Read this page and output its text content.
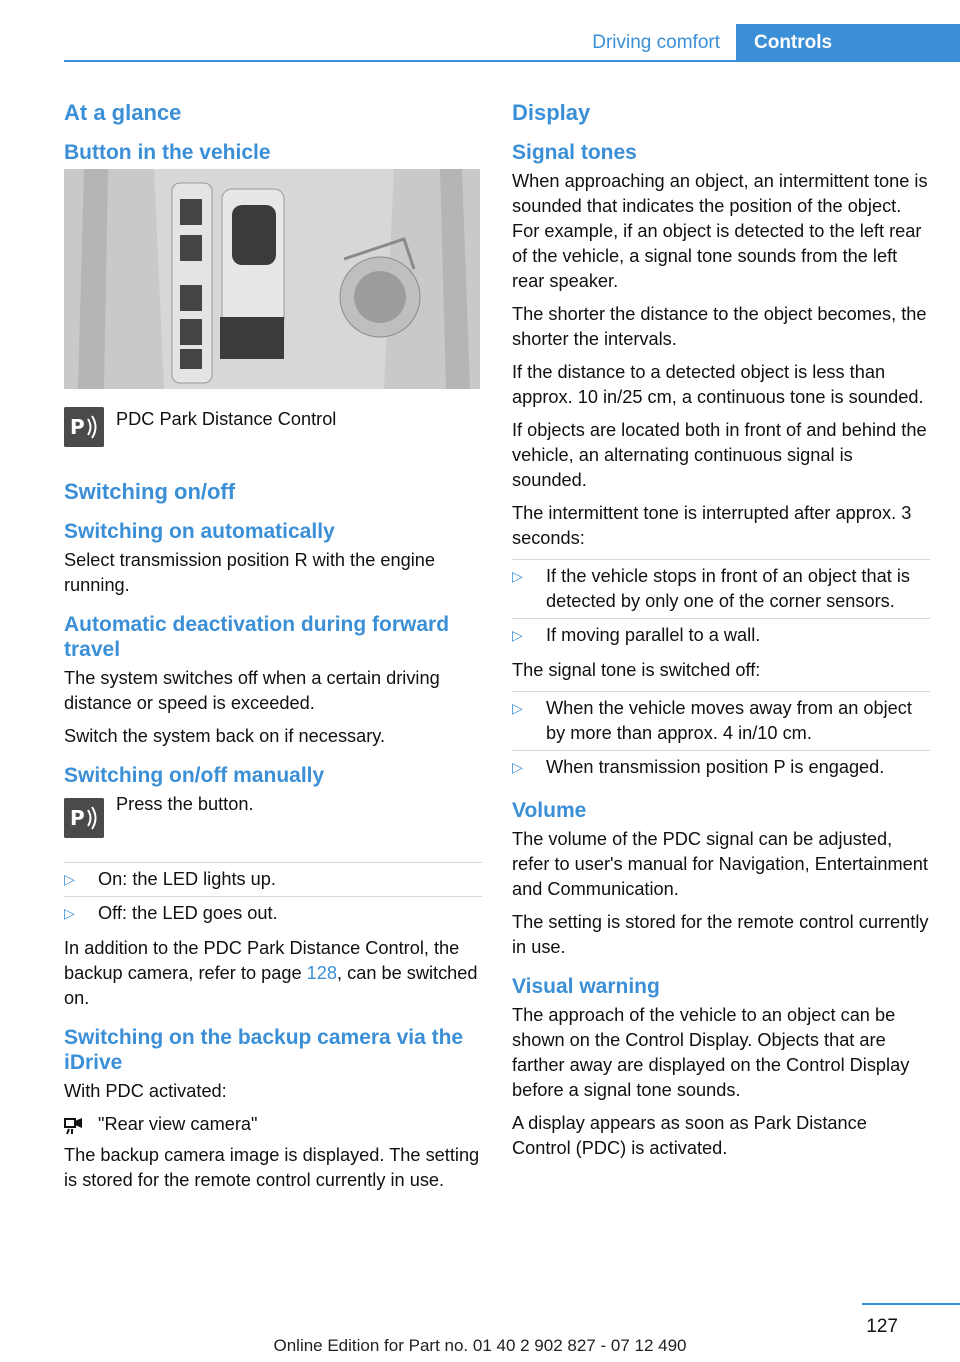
Driving comfort	Controls
At a glance
Button in the vehicle
P PDC Park Distance Control
Switching on/off
Switching on automatically

Select transmission position R with the engine running.

Automatic deactivation during forward travel

The system switches off when a certain driving distance or speed is exceeded.

Switch the system back on if necessary.

Switching on/off manually
P
Press the button.
▷ On: the LED lights up.
▷ Off: the LED goes out.

In addition to the PDC Park Distance Control, the backup camera, refer to page 128, can be switched on.

Switching on the backup camera via the iDrive

With PDC activated:

"Rear view camera"

The backup camera image is displayed. The setting is stored for the remote control currently in use.

Display
Signal tones

When approaching an object, an intermittent tone is sounded that indicates the position of the object. For example, if an object is detected to the left rear of the vehicle, a signal tone sounds from the left rear speaker.

The shorter the distance to the object becomes, the shorter the intervals.

If the distance to a detected object is less than approx. 10 in/25 cm, a continuous tone is sounded.

If objects are located both in front of and behind the vehicle, an alternating continuous signal is sounded.

The intermittent tone is interrupted after approx. 3 seconds:

▷ If the vehicle stops in front of an object that is detected by only one of the corner sensors.
▷ If moving parallel to a wall.

The signal tone is switched off:

▷ When the vehicle moves away from an object by more than approx. 4 in/10 cm.
▷ When transmission position P is engaged.
Volume

The volume of the PDC signal can be adjusted, refer to user's manual for Navigation, Entertainment and Communication.

The setting is stored for the remote control currently in use.

Visual warning

The approach of the vehicle to an object can be shown on the Control Display. Objects that are farther away are displayed on the Control Display before a signal tone sounds.

A display appears as soon as Park Distance Control (PDC) is activated.

127
Online Edition for Part no. 01 40 2 902 827 - 07 12 490
